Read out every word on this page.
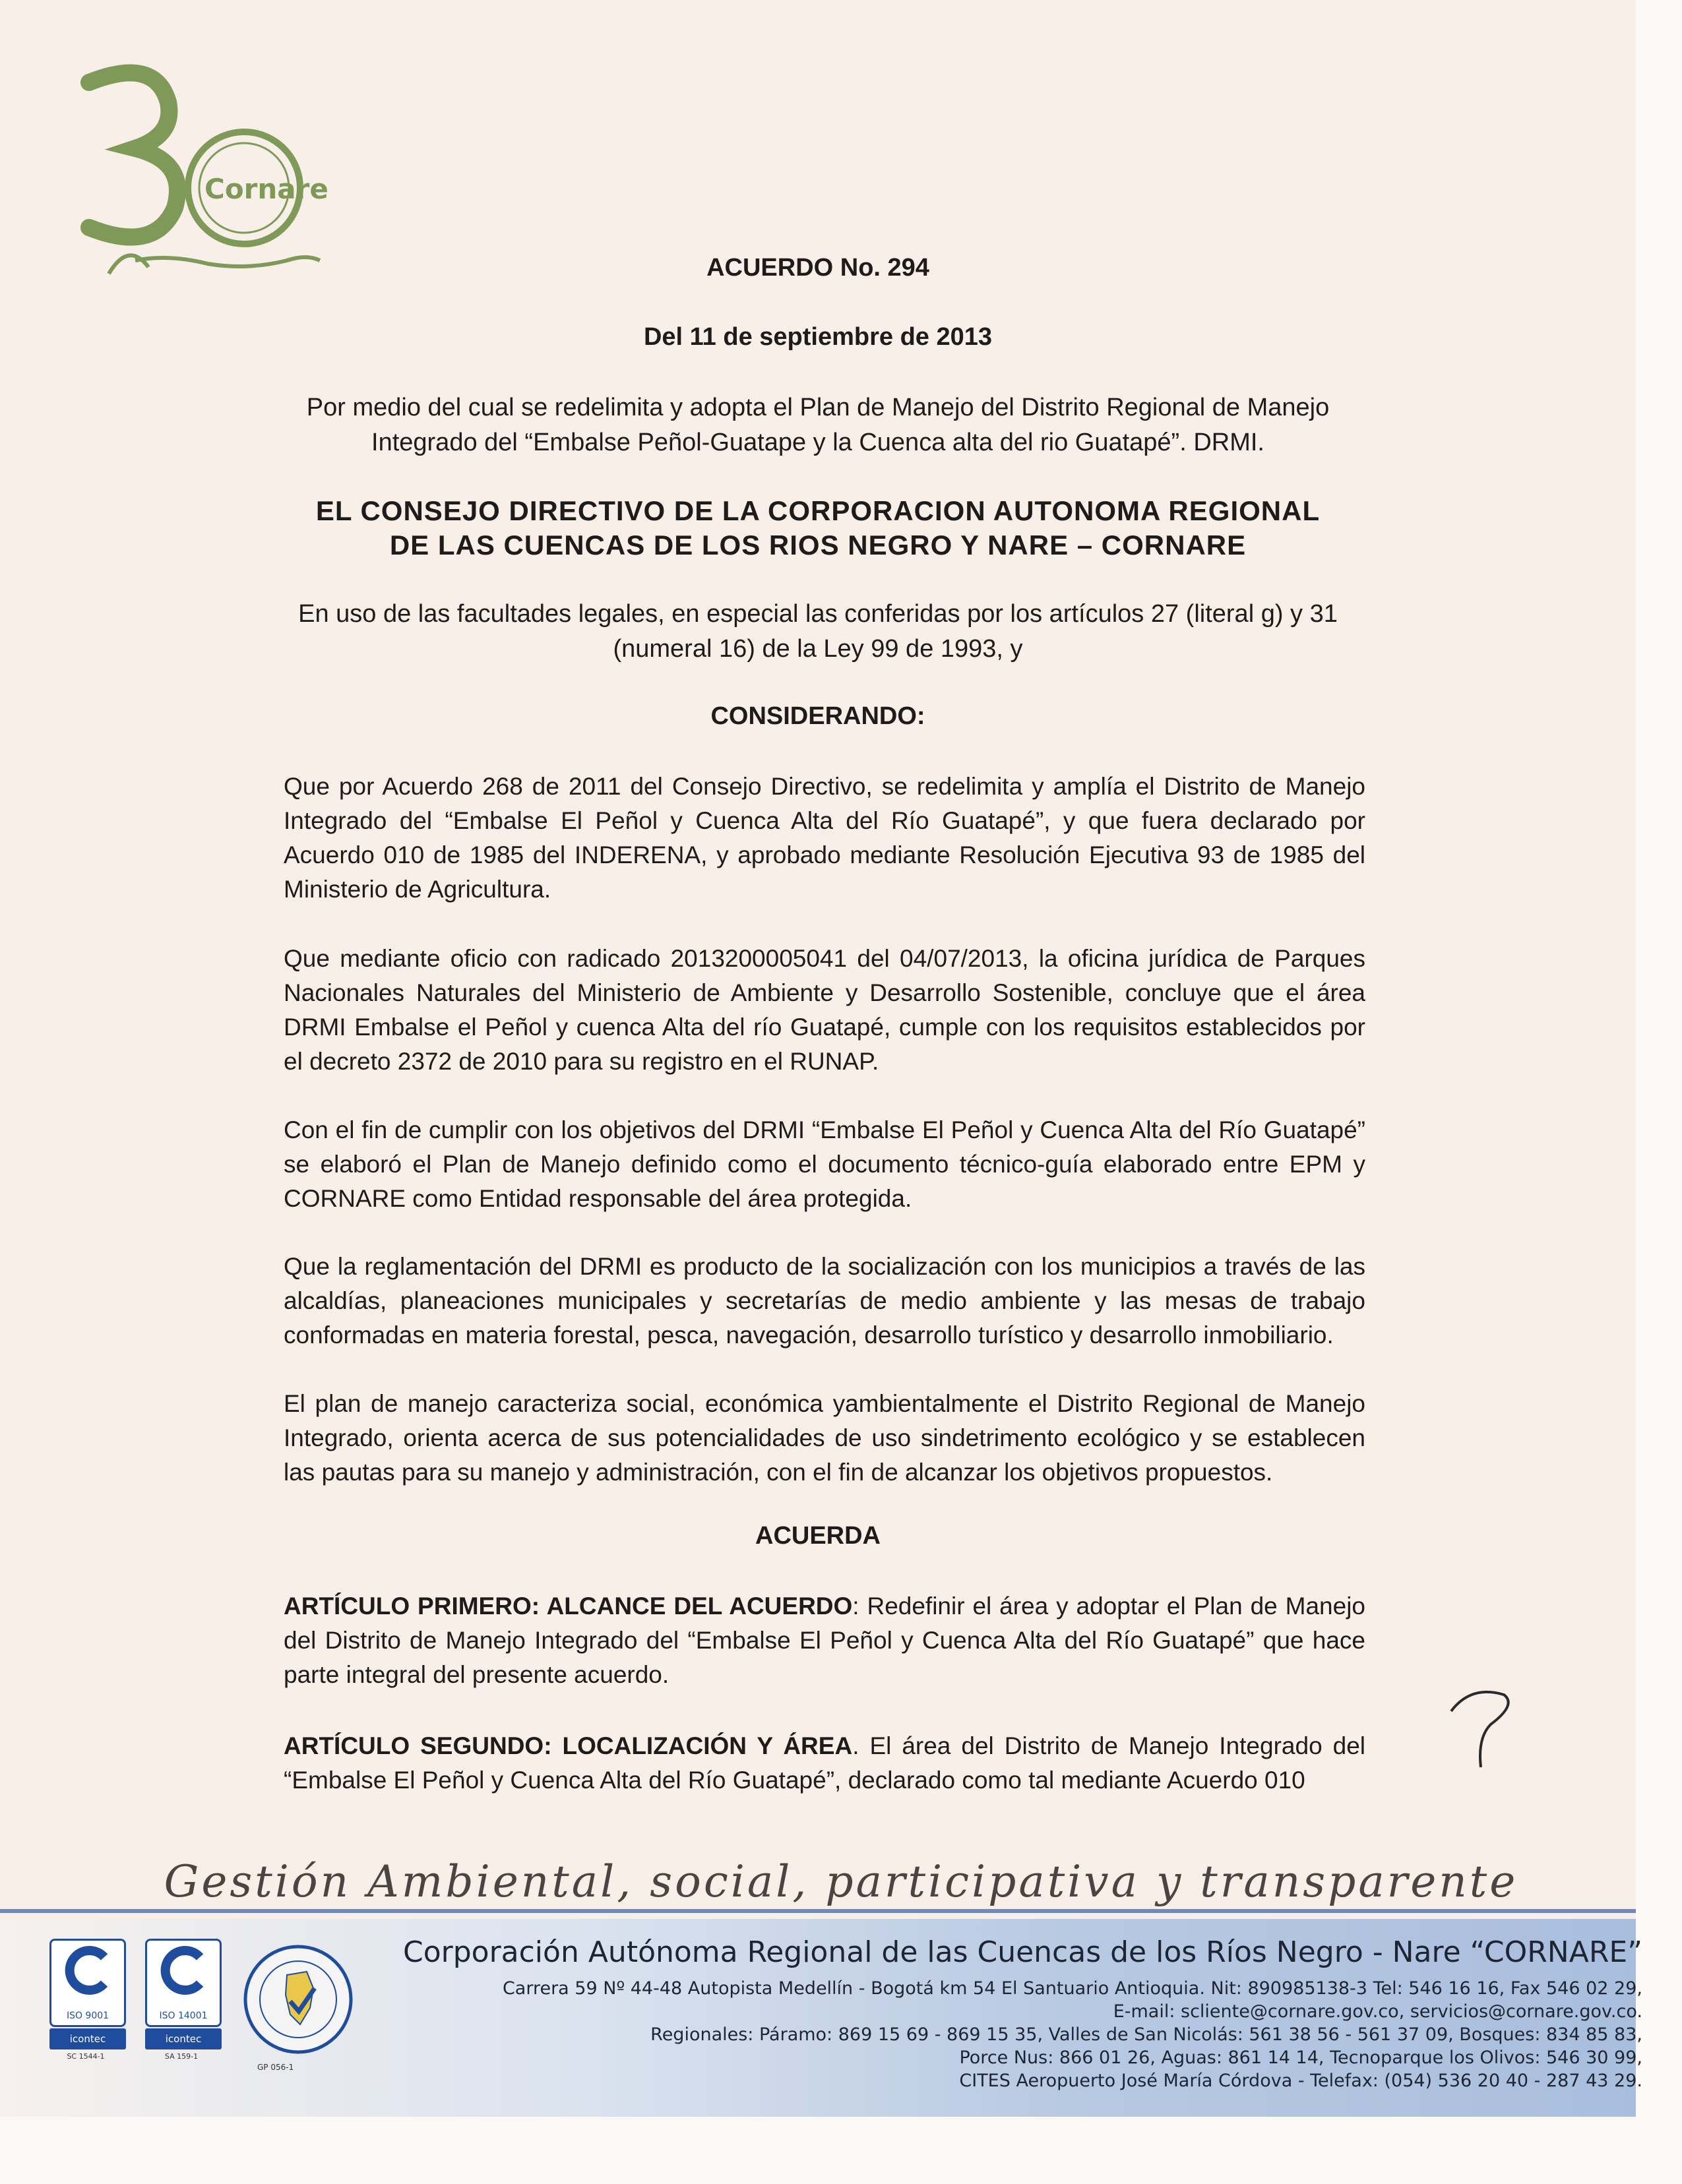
Cornare
ACUERDO No. 294
Del 11 de septiembre de 2013
Por medio del cual se redelimita y adopta el Plan de Manejo del Distrito Regional de Manejo
Integrado del “Embalse Peñol-Guatape y la Cuenca alta del rio Guatapé”. DRMI.
EL CONSEJO DIRECTIVO DE LA CORPORACION AUTONOMA REGIONAL
DE LAS CUENCAS DE LOS RIOS NEGRO Y NARE – CORNARE
En uso de las facultades legales, en especial las conferidas por los artículos 27 (literal g) y 31
(numeral 16) de la Ley 99 de 1993, y
CONSIDERANDO:
Que por Acuerdo 268 de 2011 del Consejo Directivo, se redelimita y amplía el Distrito de Manejo Integrado del “Embalse El Peñol y Cuenca Alta del Río Guatapé”, y que fuera declarado por Acuerdo 010 de 1985 del INDERENA, y aprobado mediante Resolución Ejecutiva 93 de 1985 del Ministerio de Agricultura.
Que mediante oficio con radicado 2013200005041 del 04/07/2013, la oficina jurídica de Parques Nacionales Naturales del Ministerio de Ambiente y Desarrollo Sostenible, concluye que el área DRMI Embalse el Peñol y cuenca Alta del río Guatapé, cumple con los requisitos establecidos por el decreto 2372 de 2010 para su registro en el RUNAP.
Con el fin de cumplir con los objetivos del DRMI “Embalse El Peñol y Cuenca Alta del Río Guatapé” se elaboró el Plan de Manejo definido como el documento técnico-guía elaborado entre EPM y CORNARE como Entidad responsable del área protegida.
Que la reglamentación del DRMI es producto de la socialización con los municipios a través de las alcaldías, planeaciones municipales y secretarías de medio ambiente y las mesas de trabajo conformadas en materia forestal, pesca, navegación, desarrollo turístico y desarrollo inmobiliario.
El plan de manejo caracteriza social, económica yambientalmente el Distrito Regional de Manejo Integrado, orienta acerca de sus potencialidades de uso sindetrimento ecológico y se establecen las pautas para su manejo y administración, con el fin de alcanzar los objetivos propuestos.
ACUERDA
ARTÍCULO PRIMERO: ALCANCE DEL ACUERDO: Redefinir el área y adoptar el Plan de Manejo del Distrito de Manejo Integrado del “Embalse El Peñol y Cuenca Alta del Río Guatapé” que hace parte integral del presente acuerdo.
ARTÍCULO SEGUNDO: LOCALIZACIÓN Y ÁREA. El área del Distrito de Manejo Integrado del “Embalse El Peñol y Cuenca Alta del Río Guatapé”, declarado como tal mediante Acuerdo 010
Gestión Ambiental, social, participativa y transparente
ISO 9001
icontec
SC 1544-1
ISO 14001
icontec
SA 159-1
GP 056-1
Corporación Autónoma Regional de las Cuencas de los Ríos Negro - Nare “CORNARE”
Carrera 59 Nº 44-48 Autopista Medellín - Bogotá km 54 El Santuario Antioquia. Nit: 890985138-3 Tel: 546 16 16, Fax 546 02 29,
E-mail: scliente@cornare.gov.co, servicios@cornare.gov.co.
Regionales: Páramo: 869 15 69 - 869 15 35, Valles de San Nicolás: 561 38 56 - 561 37 09, Bosques: 834 85 83,
Porce Nus: 866 01 26, Aguas: 861 14 14, Tecnoparque los Olivos: 546 30 99,
CITES Aeropuerto José María Córdova - Telefax: (054) 536 20 40 - 287 43 29.
